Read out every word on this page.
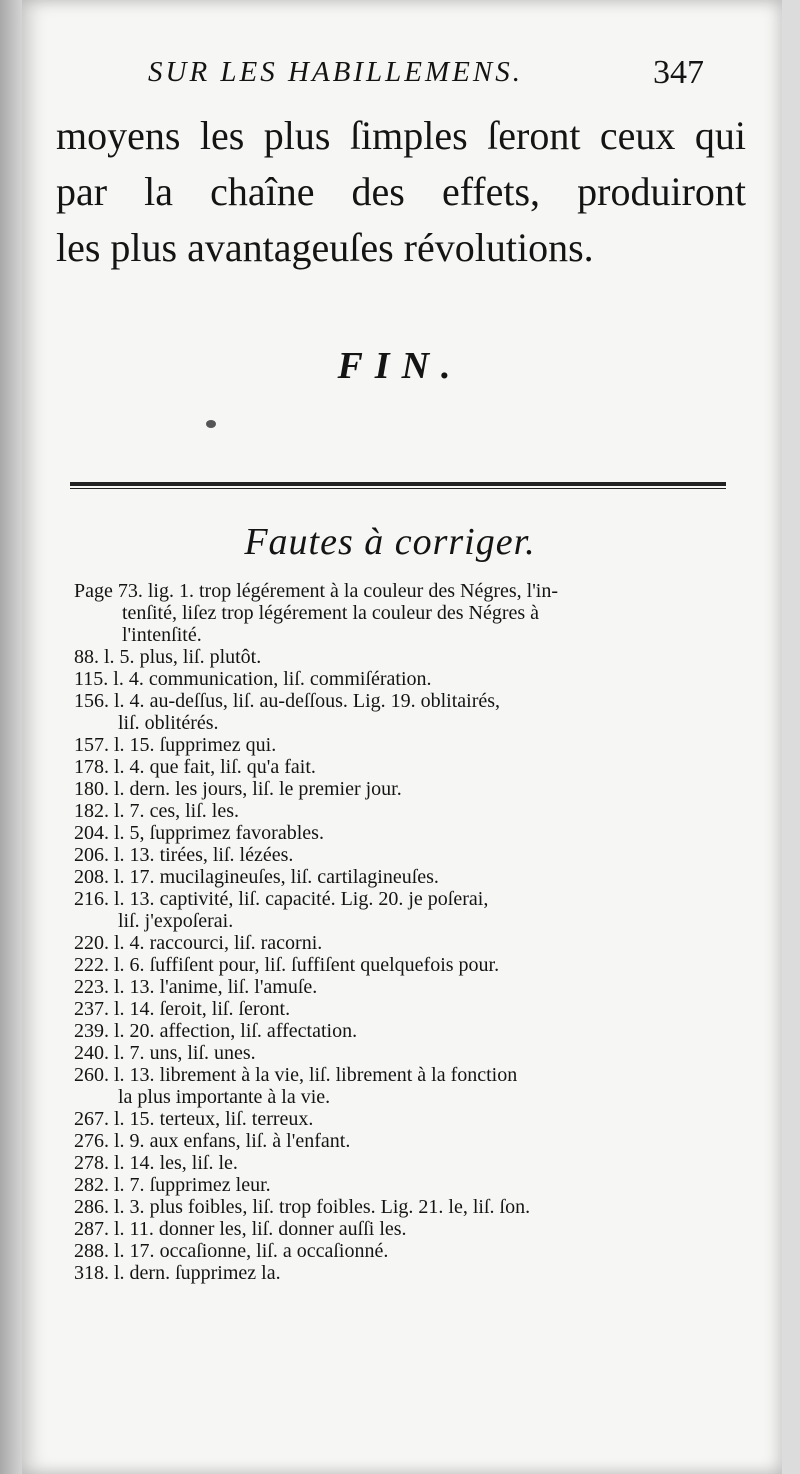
SUR LES HABILLEMENS.	347
moyens les plus ſimples ſeront ceux qui
par la chaîne des effets, produiront
les plus avantageuſes révolutions.
FIN.
Fautes à corriger.
Page 73. lig. 1. trop légérement à la couleur des Négres, l'in-
tenſité, liſez trop légérement la couleur des Négres à
l'intenſité.
88. l. 5. plus, liſ. plutôt.
115. l. 4. communication, liſ. commiſération.
156. l. 4. au-deſſus, liſ. au-deſſous. Lig. 19. oblitairés,
liſ. oblitérés.
157. l. 15. ſupprimez qui.
178. l. 4. que fait, liſ. qu'a fait.
180. l. dern. les jours, liſ. le premier jour.
182. l. 7. ces, liſ. les.
204. l. 5, ſupprimez favorables.
206. l. 13. tirées, liſ. lézées.
208. l. 17. mucilagineuſes, liſ. cartilagineuſes.
216. l. 13. captivité, liſ. capacité. Lig. 20. je poſerai,
liſ. j'expoſerai.
220. l. 4. raccourci, liſ. racorni.
222. l. 6. ſuffiſent pour, liſ. ſuffiſent quelquefois pour.
223. l. 13. l'anime, liſ. l'amuſe.
237. l. 14. ſeroit, liſ. ſeront.
239. l. 20. affection, liſ. affectation.
240. l. 7. uns, liſ. unes.
260. l. 13. librement à la vie, liſ. librement à la fonction
la plus importante à la vie.
267. l. 15. terteux, liſ. terreux.
276. l. 9. aux enfans, liſ. à l'enfant.
278. l. 14. les, liſ. le.
282. l. 7. ſupprimez leur.
286. l. 3. plus foibles, liſ. trop foibles. Lig. 21. le, liſ. ſon.
287. l. 11. donner les, liſ. donner auſſi les.
288. l. 17. occaſionne, liſ. a occaſionné.
318. l. dern. ſupprimez la.
